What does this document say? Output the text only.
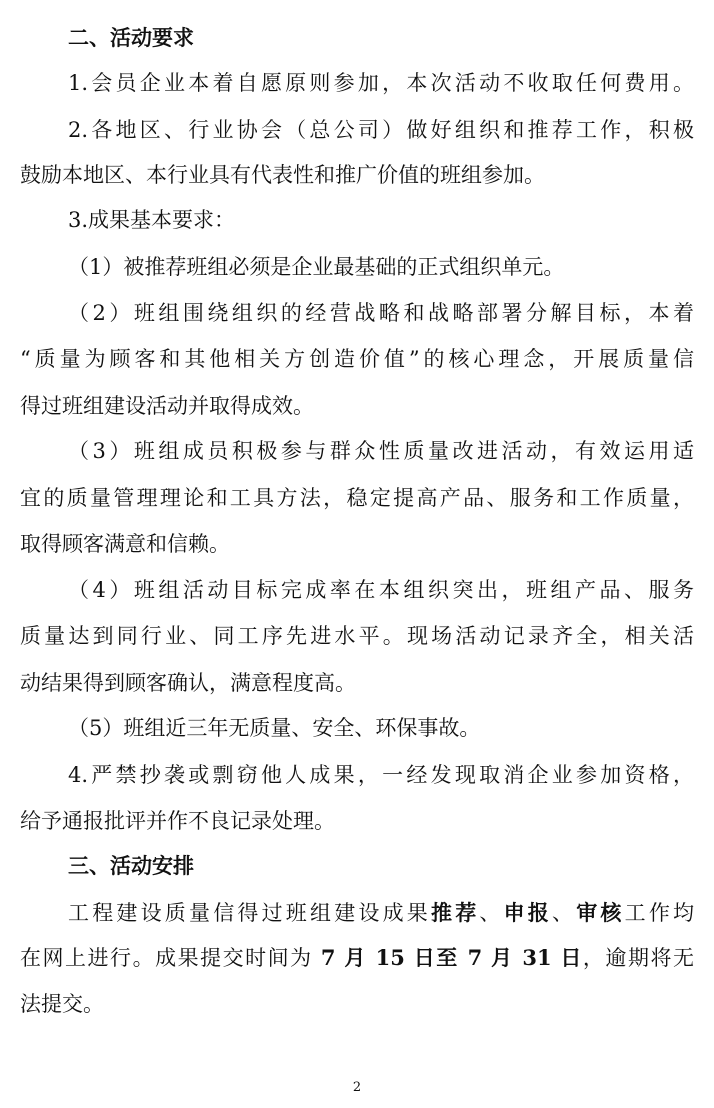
二、活动要求
1.会员企业本着自愿原则参加，本次活动不收取任何费用。
2.各地区、行业协会（总公司）做好组织和推荐工作，积极
鼓励本地区、本行业具有代表性和推广价值的班组参加。
3.成果基本要求：
（1）被推荐班组必须是企业最基础的正式组织单元。
（2）班组围绕组织的经营战略和战略部署分解目标，本着
“质量为顾客和其他相关方创造价值”的核心理念，开展质量信
得过班组建设活动并取得成效。
（3）班组成员积极参与群众性质量改进活动，有效运用适
宜的质量管理理论和工具方法，稳定提高产品、服务和工作质量，
取得顾客满意和信赖。
（4）班组活动目标完成率在本组织突出，班组产品、服务
质量达到同行业、同工序先进水平。现场活动记录齐全，相关活
动结果得到顾客确认，满意程度高。
（5）班组近三年无质量、安全、环保事故。
4.严禁抄袭或剽窃他人成果，一经发现取消企业参加资格，
给予通报批评并作不良记录处理。
三、活动安排
工程建设质量信得过班组建设成果推荐、申报、审核工作均
在网上进行。成果提交时间为 7 月 15 日至 7 月 31 日，逾期将无
法提交。
2
